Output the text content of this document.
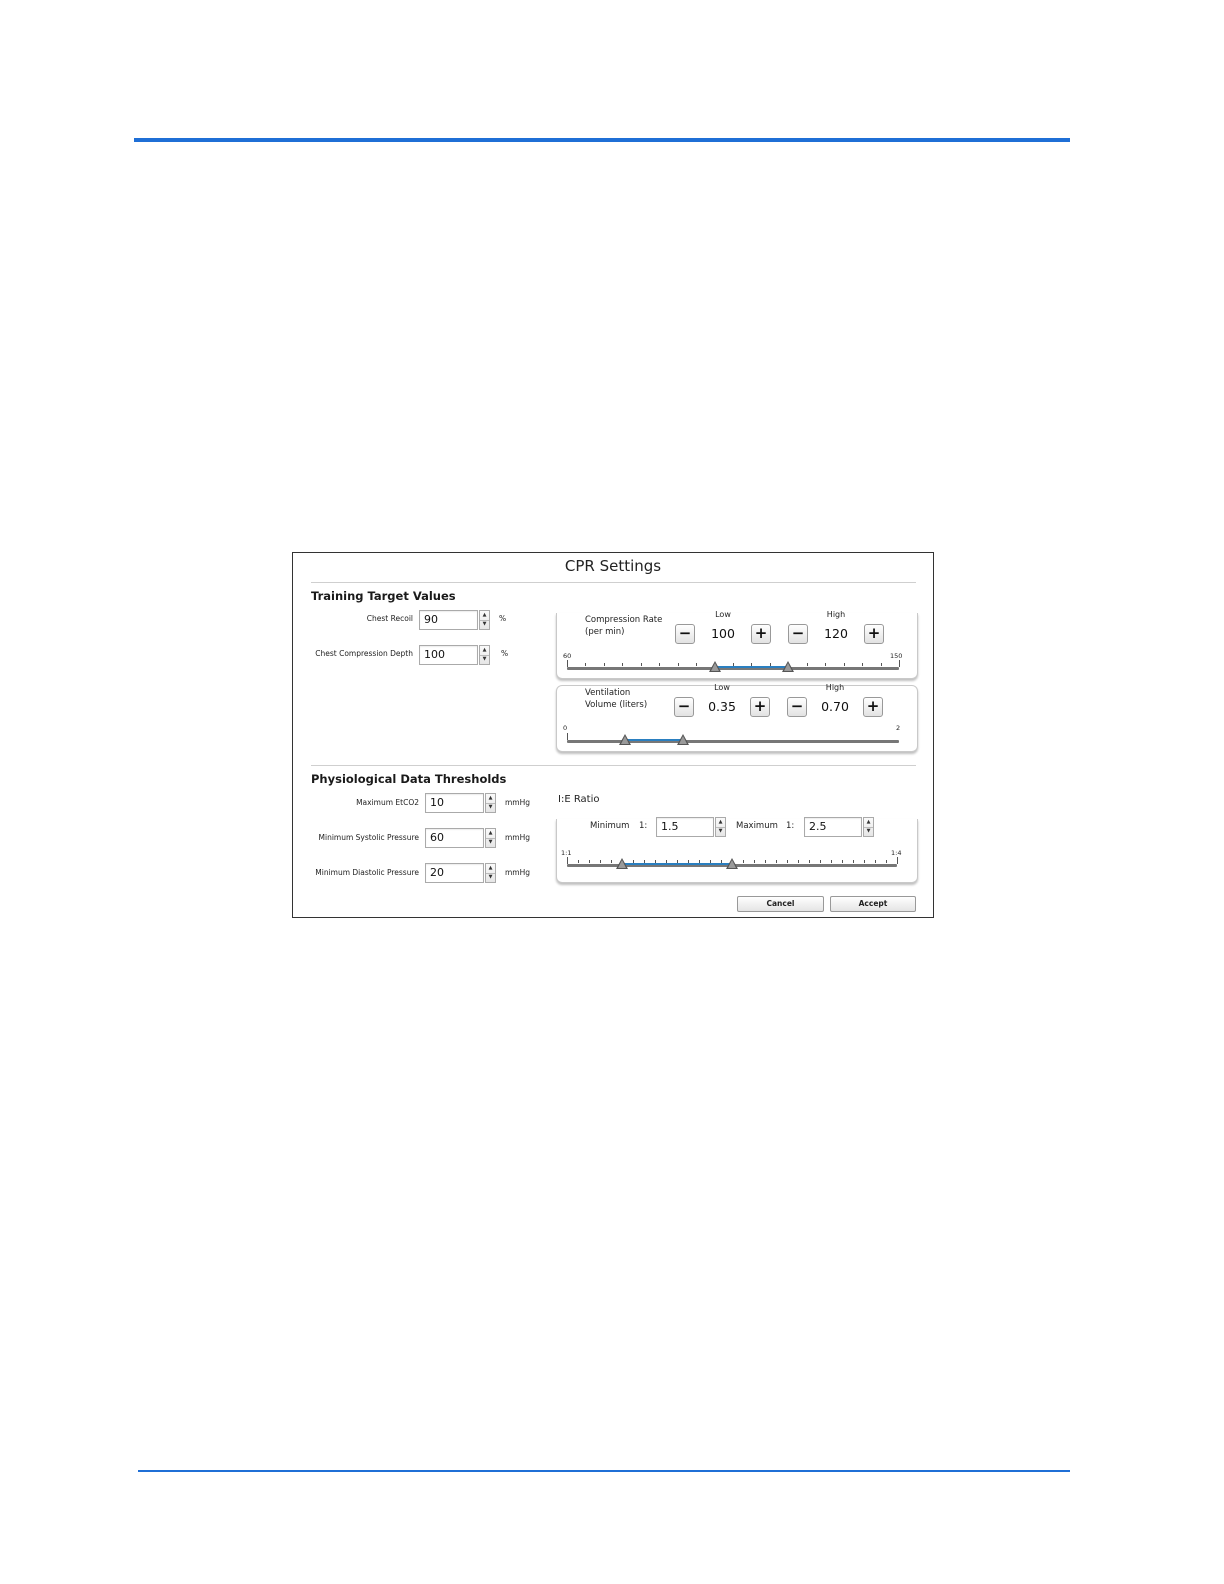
CPR Settings
Training Target Values
Chest Recoil	90	▲
▼
%
Chest Compression Depth	100	▲
▼
%
Compression Rate
(per min)
Low	High
−	100	+ −	120	+
60	150
Ventilation
Volume (liters)
Low	High
−	0.35	+ −	0.70	+
0	2
Physiological Data Thresholds
Maximum EtCO2	10	▲
▼	mmHg
Minimum Systolic Pressure	60	▲
▼	mmHg
Minimum Diastolic Pressure	20	▲
▼	mmHg
I:E Ratio
Minimum 1:	1.5	▲
▼	Maximum 1:	2.5	▲
▼
1:1	1:4
Cancel	Accept
